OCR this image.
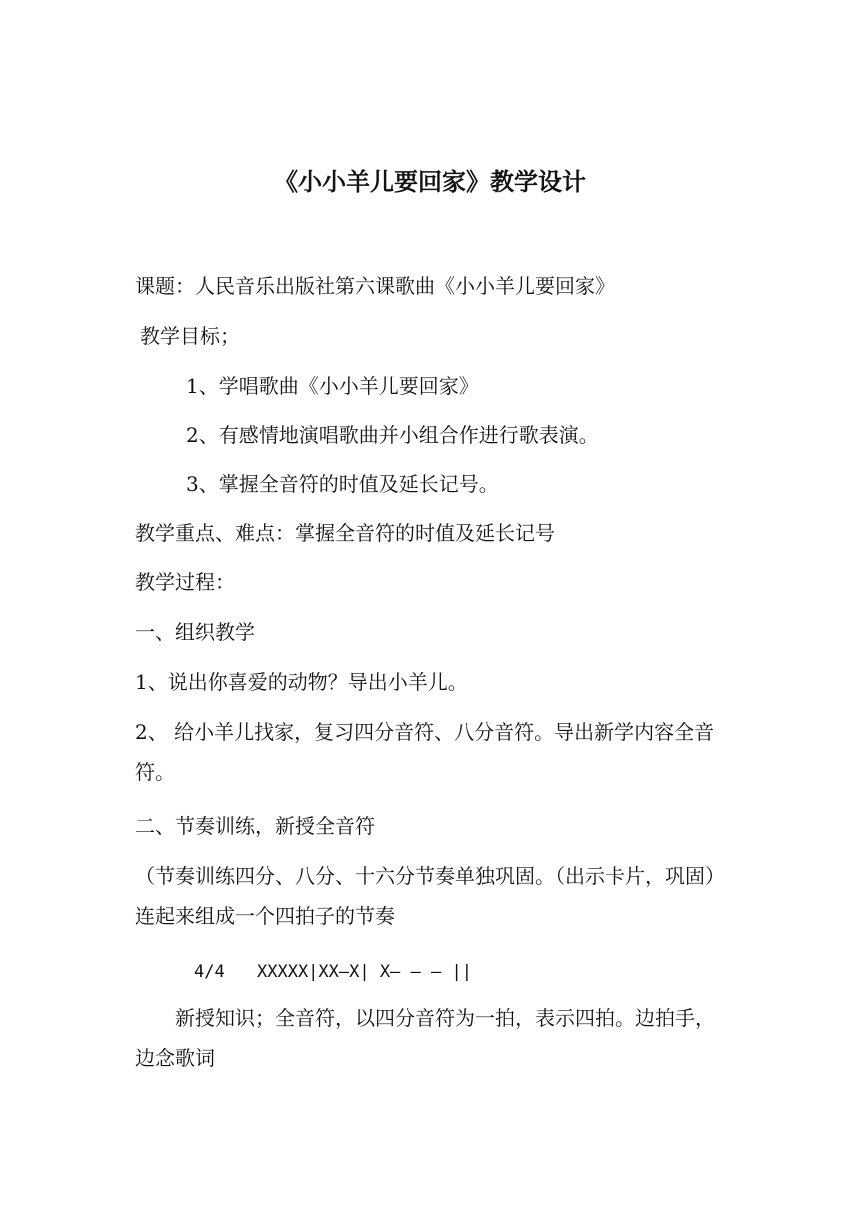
《小小羊儿要回家》教学设计

课题：人民音乐出版社第六课歌曲《小小羊儿要回家》

教学目标；

1、学唱歌曲《小小羊儿要回家》

2、有感情地演唱歌曲并小组合作进行歌表演。

3、掌握全音符的时值及延长记号。

教学重点、难点：掌握全音符的时值及延长记号

教学过程：

一、组织教学

1、说出你喜爱的动物？导出小羊儿。

2、 给小羊儿找家，复习四分音符、八分音符。导出新学内容全音符。

二、节奏训练，新授全音符

（节奏训练四分、八分、十六分节奏单独巩固。（出示卡片，巩固）连起来组成一个四拍子的节奏

4/4	XXXXX|XX—X| X— — — ||

新授知识；全音符，以四分音符为一拍，表示四拍。边拍手，边念歌词
